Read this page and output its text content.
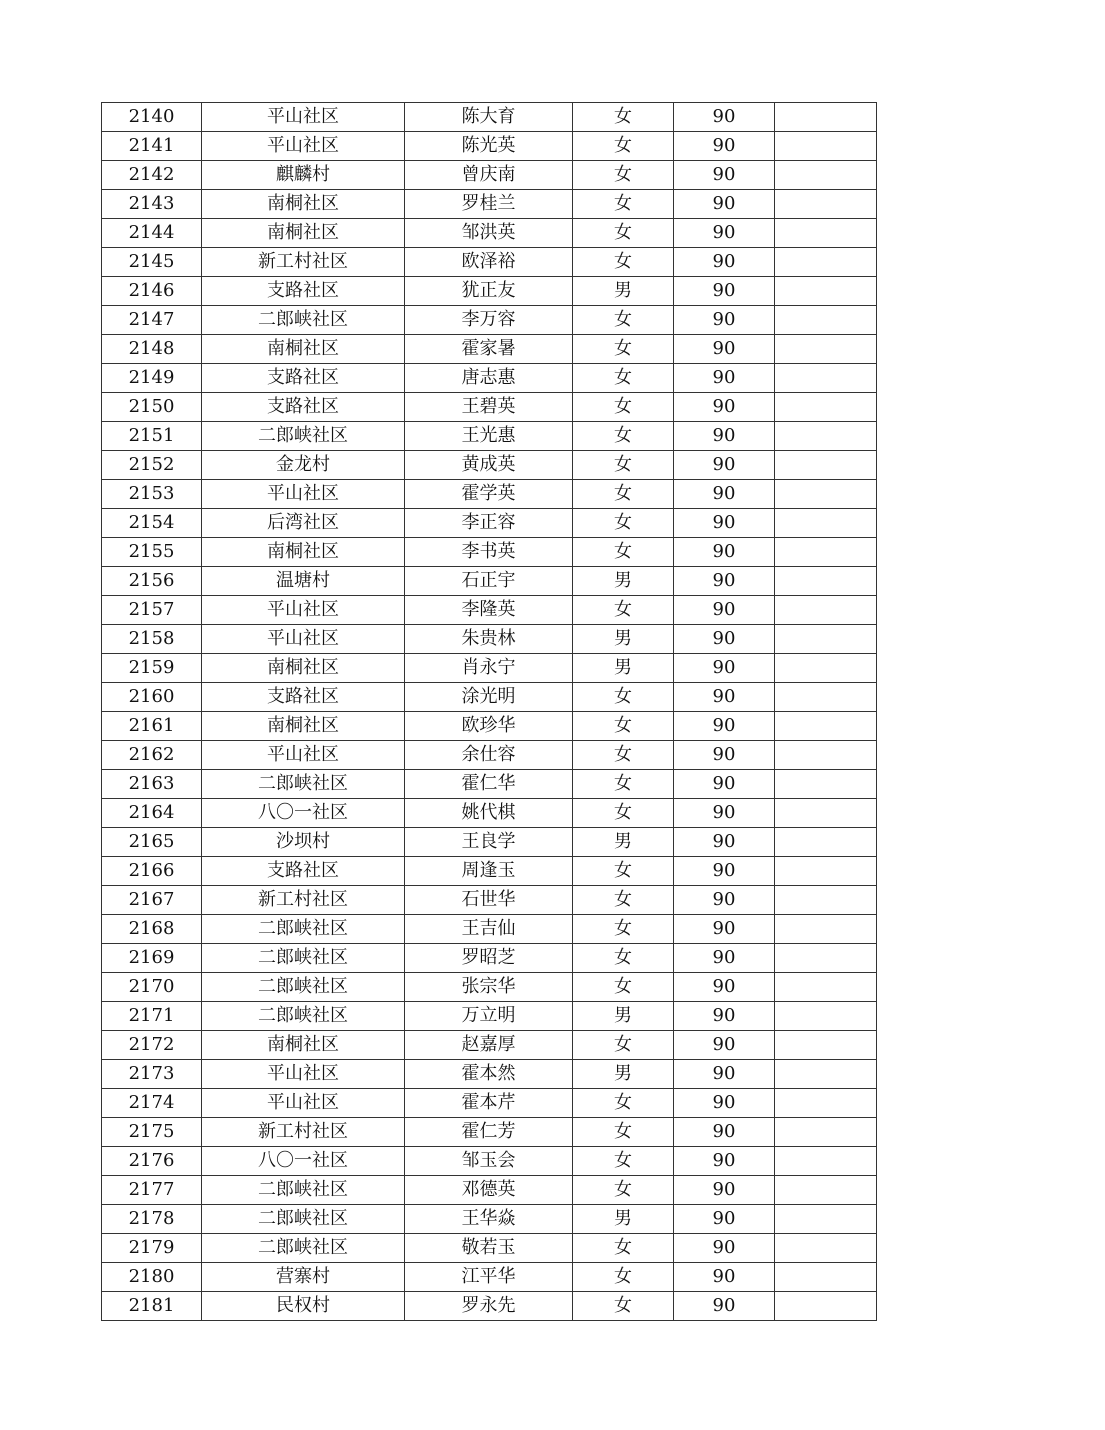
2140	平山社区	陈大育	女	90	
2141	平山社区	陈光英	女	90	
2142	麒麟村	曾庆南	女	90	
2143	南桐社区	罗桂兰	女	90	
2144	南桐社区	邹洪英	女	90	
2145	新工村社区	欧泽裕	女	90	
2146	支路社区	犹正友	男	90	
2147	二郎峡社区	李万容	女	90	
2148	南桐社区	霍家暑	女	90	
2149	支路社区	唐志惠	女	90	
2150	支路社区	王碧英	女	90	
2151	二郎峡社区	王光惠	女	90	
2152	金龙村	黄成英	女	90	
2153	平山社区	霍学英	女	90	
2154	后湾社区	李正容	女	90	
2155	南桐社区	李书英	女	90	
2156	温塘村	石正宇	男	90	
2157	平山社区	李隆英	女	90	
2158	平山社区	朱贵林	男	90	
2159	南桐社区	肖永宁	男	90	
2160	支路社区	涂光明	女	90	
2161	南桐社区	欧珍华	女	90	
2162	平山社区	余仕容	女	90	
2163	二郎峡社区	霍仁华	女	90	
2164	八〇一社区	姚代棋	女	90	
2165	沙坝村	王良学	男	90	
2166	支路社区	周逢玉	女	90	
2167	新工村社区	石世华	女	90	
2168	二郎峡社区	王吉仙	女	90	
2169	二郎峡社区	罗昭芝	女	90	
2170	二郎峡社区	张宗华	女	90	
2171	二郎峡社区	万立明	男	90	
2172	南桐社区	赵嘉厚	女	90	
2173	平山社区	霍本然	男	90	
2174	平山社区	霍本芹	女	90	
2175	新工村社区	霍仁芳	女	90	
2176	八〇一社区	邹玉会	女	90	
2177	二郎峡社区	邓德英	女	90	
2178	二郎峡社区	王华焱	男	90	
2179	二郎峡社区	敬若玉	女	90	
2180	营寨村	江平华	女	90	
2181	民权村	罗永先	女	90	
